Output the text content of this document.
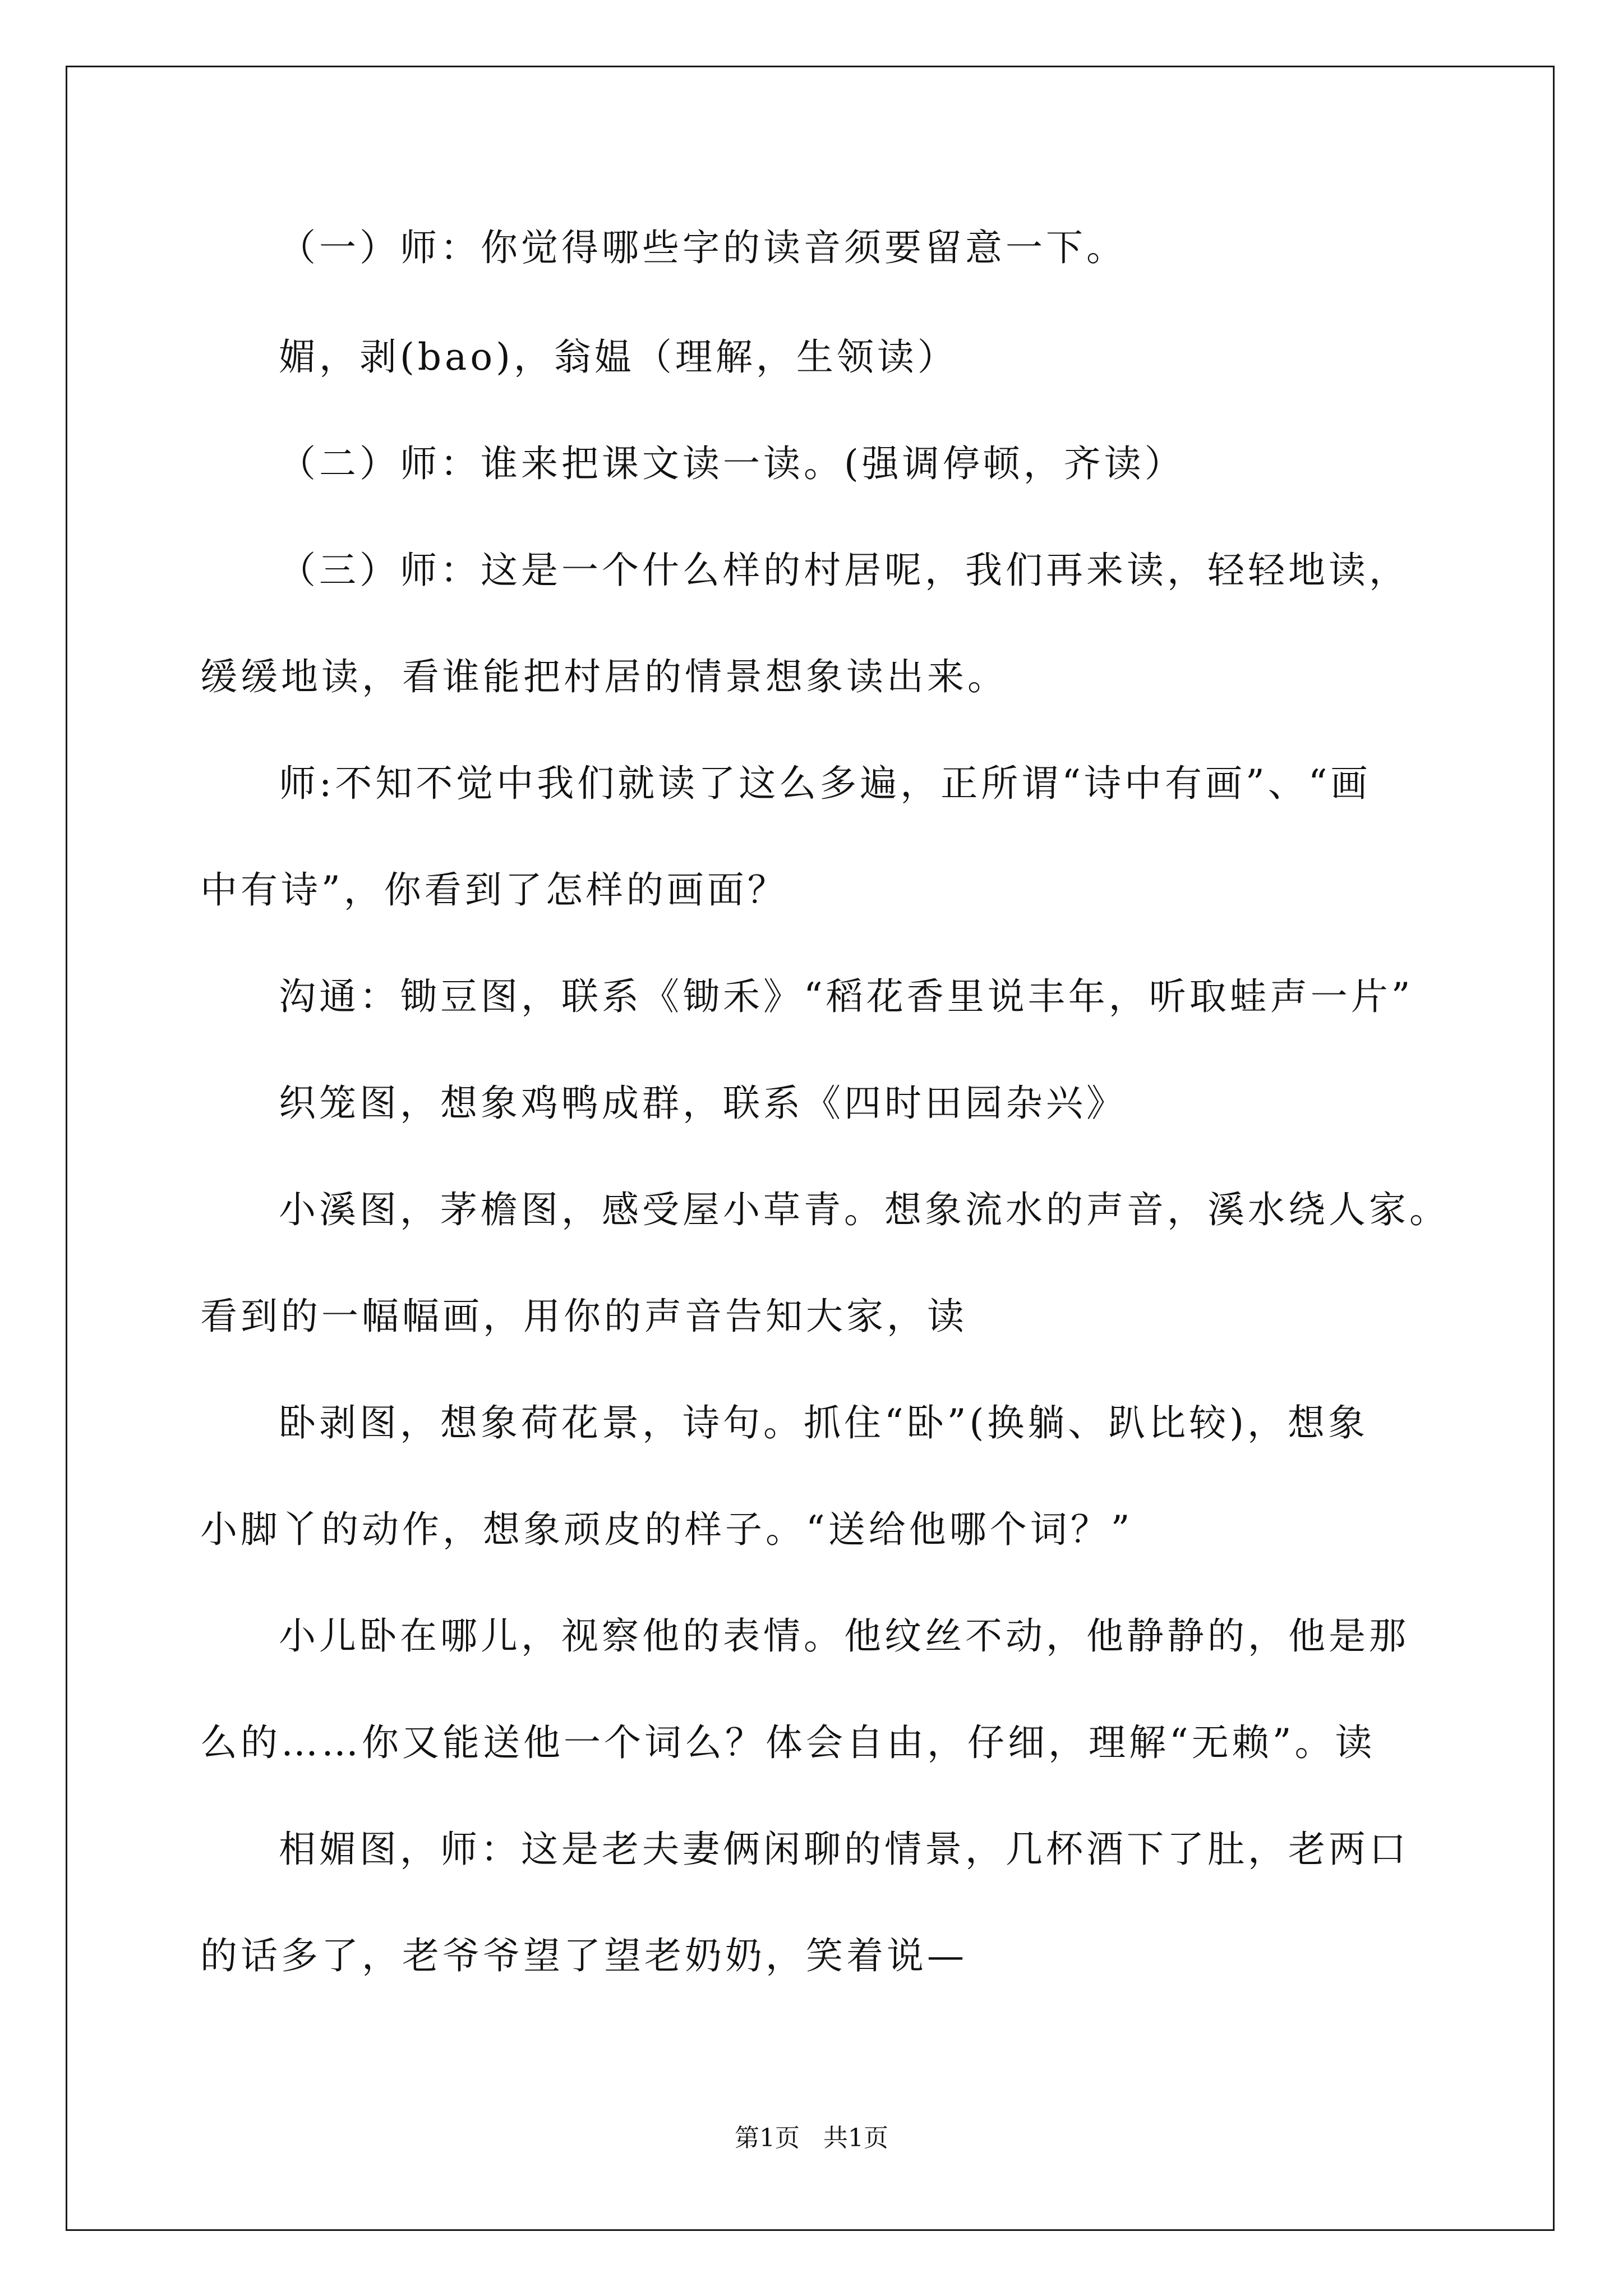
（一）师：你觉得哪些字的读音须要留意一下。
媚，剥(bao)，翁媪（理解，生领读）
（二）师：谁来把课文读一读。(强调停顿，齐读）
（三）师：这是一个什么样的村居呢，我们再来读，轻轻地读，
缓缓地读，看谁能把村居的情景想象读出来。
师:不知不觉中我们就读了这么多遍，正所谓“诗中有画”、“画
中有诗”，你看到了怎样的画面？
沟通：锄豆图，联系《锄禾》“稻花香里说丰年，听取蛙声一片”
织笼图，想象鸡鸭成群，联系《四时田园杂兴》
小溪图，茅檐图，感受屋小草青。想象流水的声音，溪水绕人家。
看到的一幅幅画，用你的声音告知大家，读
卧剥图，想象荷花景，诗句。抓住“卧”(换躺、趴比较)，想象
小脚丫的动作，想象顽皮的样子。“送给他哪个词？”
小儿卧在哪儿，视察他的表情。他纹丝不动，他静静的，他是那
么的……你又能送他一个词么？体会自由，仔细，理解“无赖”。读
相媚图，师：这是老夫妻俩闲聊的情景，几杯酒下了肚，老两口
的话多了，老爷爷望了望老奶奶，笑着说—
第1页 共1页
